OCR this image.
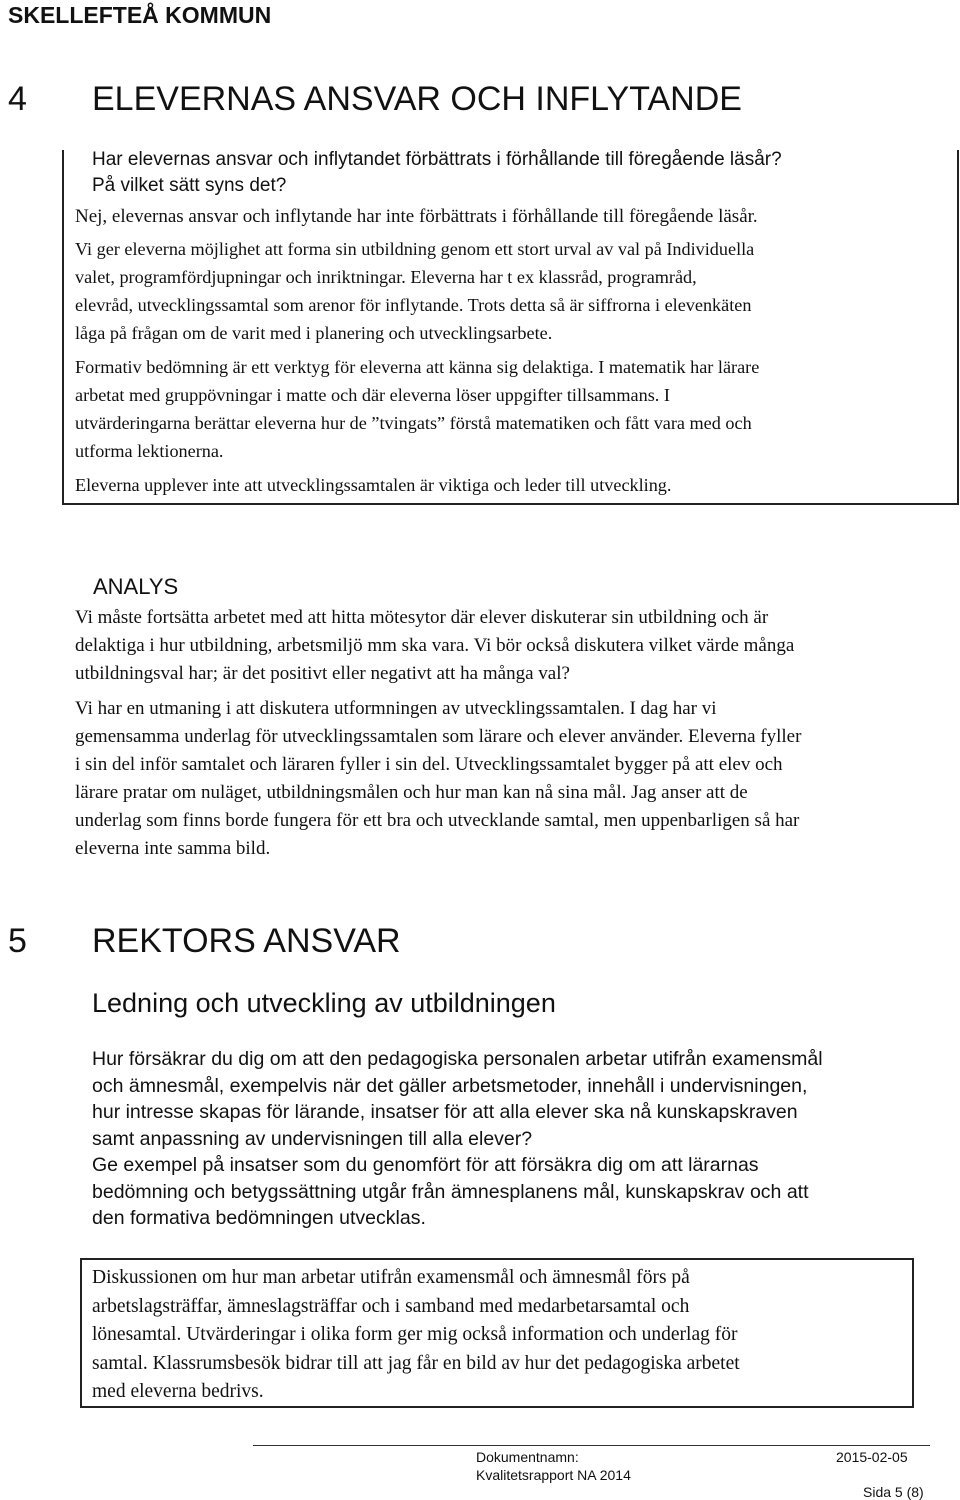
SKELLEFTEÅ KOMMUN
4 ELEVERNAS ANSVAR OCH INFLYTANDE
Har elevernas ansvar och inflytandet förbättrats i förhållande till föregående läsår?
På vilket sätt syns det?
Nej, elevernas ansvar och inflytande har inte förbättrats i förhållande till föregående läsår.
Vi ger eleverna möjlighet att forma sin utbildning genom ett stort urval av val på Individuella
valet, programfördjupningar och inriktningar. Eleverna har t ex klassråd, programråd,
elevråd, utvecklingssamtal som arenor för inflytande. Trots detta så är siffrorna i elevenkäten
låga på frågan om de varit med i planering och utvecklingsarbete.
Formativ bedömning är ett verktyg för eleverna att känna sig delaktiga. I matematik har lärare
arbetat med gruppövningar i matte och där eleverna löser uppgifter tillsammans. I
utvärderingarna berättar eleverna hur de ”tvingats” förstå matematiken och fått vara med och
utforma lektionerna.
Eleverna upplever inte att utvecklingssamtalen är viktiga och leder till utveckling.
ANALYS
Vi måste fortsätta arbetet med att hitta mötesytor där elever diskuterar sin utbildning och är
delaktiga i hur utbildning, arbetsmiljö mm ska vara. Vi bör också diskutera vilket värde många
utbildningsval har; är det positivt eller negativt att ha många val?
Vi har en utmaning i att diskutera utformningen av utvecklingssamtalen. I dag har vi
gemensamma underlag för utvecklingssamtalen som lärare och elever använder. Eleverna fyller
i sin del inför samtalet och läraren fyller i sin del. Utvecklingssamtalet bygger på att elev och
lärare pratar om nuläget, utbildningsmålen och hur man kan nå sina mål. Jag anser att de
underlag som finns borde fungera för ett bra och utvecklande samtal, men uppenbarligen så har
eleverna inte samma bild.
5 REKTORS ANSVAR
Ledning och utveckling av utbildningen
Hur försäkrar du dig om att den pedagogiska personalen arbetar utifrån examensmål
och ämnesmål, exempelvis när det gäller arbetsmetoder, innehåll i undervisningen,
hur intresse skapas för lärande, insatser för att alla elever ska nå kunskapskraven
samt anpassning av undervisningen till alla elever?
Ge exempel på insatser som du genomfört för att försäkra dig om att lärarnas
bedömning och betygssättning utgår från ämnesplanens mål, kunskapskrav och att
den formativa bedömningen utvecklas.
Diskussionen om hur man arbetar utifrån examensmål och ämnesmål förs på
arbetslagsträffar, ämneslagsträffar och i samband med medarbetarsamtal och
lönesamtal. Utvärderingar i olika form ger mig också information och underlag för
samtal. Klassrumsbesök bidrar till att jag får en bild av hur det pedagogiska arbetet
med eleverna bedrivs.
Dokumentnamn:
Kvalitetsrapport NA 2014
2015-02-05
Sida 5 (8)
